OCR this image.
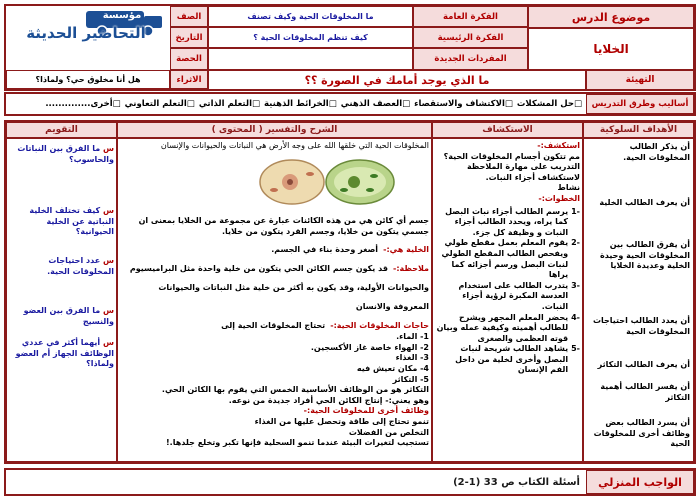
موضوع الدرس
الخلايا
الفكرة العامة
الفكرة الرئيسية
المفردات الجديدة
ما المخلوقات الحية وكيف تصنف
كيف تنظم المخلوقات الحية ؟
الصف
التاريخ
الحصة
مؤسسة
التحاضير الحديثة
الاثراء
هل أنا مخلوق حي؟ ولماذا؟	التهيئة
ما الذي يوجد أمامك في الصورة ؟؟
أساليب وطرق التدريس
□حل المشكلات
□الاكتشاف والاستقصاء
□العصف الذهني
□الخرائط الذهنية
□التعلم الذاتي
□التعلم التعاوني
□أخرى..............
الأهداف السلوكية
الاستكشاف
الشرح والتفسير ( المحتوى )
التقويم

أن يذكر الطالب المخلوقات الحية.

أن يعرف الطالب الخلية

أن يفرق الطالب بين المخلوقات الحية وحيدة الخلية وعديدة الخلايا

أن يعدد الطالب احتياجات المخلوقات الحية

أن يعرف الطالب التكاثر

أن يفسر الطالب أهمية التكاثر

أن يسرد الطالب بعض وظائف أخرى للمخلوقات الحية

استكشف:-

مم تتكون أجسام المخلوقات الحية؟

التدريب على مهارة الملاحظة لاستكشاف أجزاء النبات.

نشاط

الخطوات:-

-1

يرسم الطالب أجزاء نبات البصل كما يراه، ويحدد الطالب أجزاء النبات و وظيفة كل جزء.

-2

يقوم المعلم بعمل مقطع طولي ويفحص الطالب المقطع الطولي لنبات البصل ورسم أجزائه كما يراها

-3

يتدرب الطالب على استخدام العدسة المكبرة لرؤية أجزاء النبات.

-4

يحضر المعلم المجهر ويشرح للطالب أهميته وكيفية عمله وبيان قوته العظمى والصغرى

-5

يشاهد الطالب شريحة لنبات البصل وأخرى لخلية من داخل الفم الإنسان

المخلوقات الحية التي خلقها الله على وجه الأرض هي النباتات والحيوانات والإنسان

جسم أي كائن هي من هذه الكائنات عبارة عن مجموعة من الخلايا بمعنى ان جسمي يتكون من خلايا، وجسم القرد يتكون من خلايا.

الخلية هي:- أصغر وحدة بناء في الجسم.

ملاحظة:- قد يكون جسم الكائن الحي يتكون من خلية واحدة مثل البراميسيوم والحيوانات الأولية، وقد يكون به أكثر من خلية مثل النباتات والحيوانات المعروفة والانسان

حاجات المخلوقات الحية:- تحتاج المخلوقات الحية إلى

1- الماء.

2- الهواء خاصة غاز الأكسجين.

3- الغذاء

4- مكان تعيش فيه

5- التكاثر

التكاثر هو من الوظائف الأساسية الخمس التي يقوم بها الكائن الحي.

وهو يعني:- إنتاج الكائن الحي أفراد جديدة من نوعه.

وظائف أخرى للمخلوقات الحية:-

تنمو تحتاج إلى طاقة وتحصل عليها من الغذاء

التخلص من الفضلات

تستجيب لتغيرات البيئة عندما تنمو السحلية فإنها تكبر وتخلع جلدها.!

س ما الفرق بين النباتات والحاسوب؟

س كيف تختلف الخلية النباتية عن الخلية الحيوانية؟

س عدد احتياجات المخلوقات الحية.

س ما الفرق بين العضو والنسيج

س أيهما أكثر في عددي الوظائف الجهاز أم العضو ولماذا؟

الواجب المنزلي
أسئلة الكتاب ص 33 (1-2)
